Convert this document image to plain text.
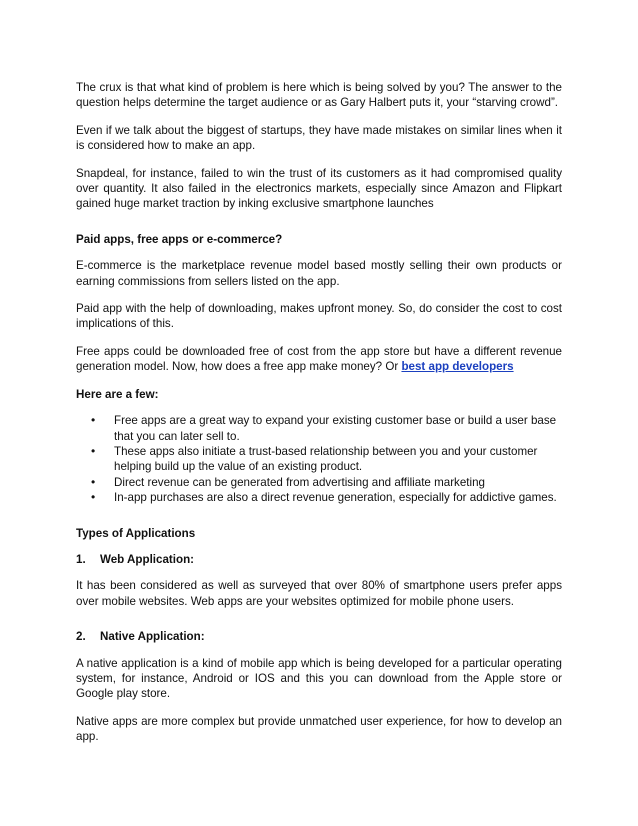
The crux is that what kind of problem is here which is being solved by you? The answer to the question helps determine the target audience or as Gary Halbert puts it, your “starving crowd”.

Even if we talk about the biggest of startups, they have made mistakes on similar lines when it is considered how to make an app.

Snapdeal, for instance, failed to win the trust of its customers as it had compromised quality over quantity. It also failed in the electronics markets, especially since Amazon and Flipkart gained huge market traction by inking exclusive smartphone launches

Paid apps, free apps or e-commerce?

E-commerce is the marketplace revenue model based mostly selling their own products or earning commissions from sellers listed on the app.

Paid app with the help of downloading, makes upfront money. So, do consider the cost to cost implications of this.

Free apps could be downloaded free of cost from the app store but have a different revenue generation model. Now, how does a free app make money? Or best app developers

Here are a few:

• Free apps are a great way to expand your existing customer base or build a user base that you can later sell to.
• These apps also initiate a trust-based relationship between you and your customer helping build up the value of an existing product.
• Direct revenue can be generated from advertising and affiliate marketing
• In-app purchases are also a direct revenue generation, especially for addictive games.

Types of Applications

1. Web Application:

It has been considered as well as surveyed that over 80% of smartphone users prefer apps over mobile websites. Web apps are your websites optimized for mobile phone users.

2. Native Application:

A native application is a kind of mobile app which is being developed for a particular operating system, for instance, Android or IOS and this you can download from the Apple store or Google play store.

Native apps are more complex but provide unmatched user experience, for how to develop an app.
